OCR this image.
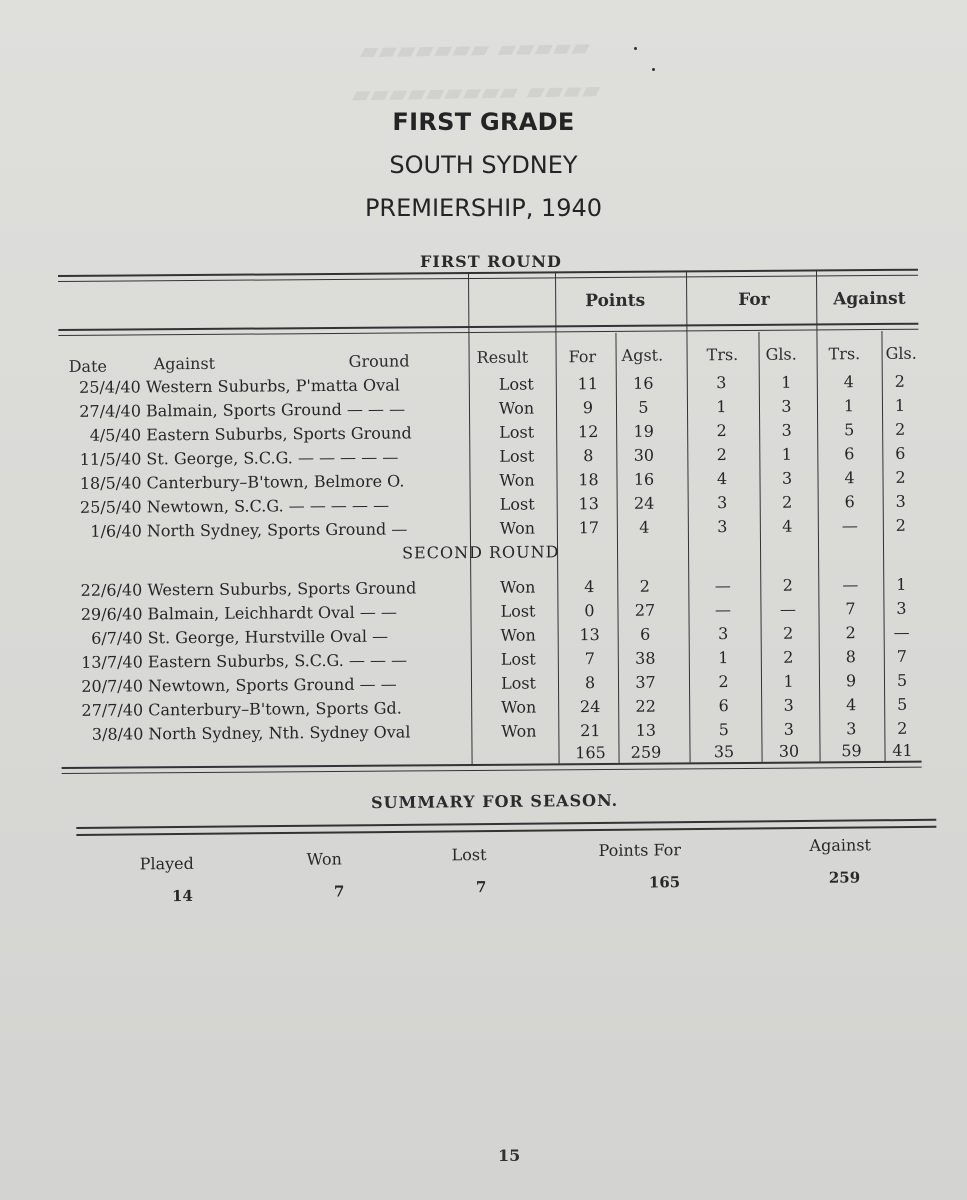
▰▰▰▰▰▰▰ ▰▰▰▰▰
▰▰▰▰▰▰▰▰▰ ▰▰▰▰
FIRST GRADE
SOUTH SYDNEY
PREMIERSHIP, 1940
FIRST ROUND
Points	For	Against
Date	Against	Ground	Result	For Agst.	Trs. Gls. Trs. Gls.
25/4/40 Western Suburbs, P'matta Oval	Lost	11	16	3	1	4	2
27/4/40 Balmain, Sports Ground — — —	Won	9	5	1	3	1	1
4/5/40 Eastern Suburbs, Sports Ground	Lost	12	19	2	3	5	2
11/5/40 St. George, S.C.G. — — — — —	Lost	8	30	2	1	6	6
18/5/40 Canterbury–B'town, Belmore O.	Won	18	16	4	3	4	2
25/5/40 Newtown, S.C.G. — — — — —	Lost	13	24	3	2	6	3
1/6/40 North Sydney, Sports Ground —	Won	17	4	3	4	—	2
SECOND ROUND
22/6/40 Western Suburbs, Sports Ground	Won	4	2	—	2	—	1
29/6/40 Balmain, Leichhardt Oval — —	Lost	0	27	—	—	7	3
6/7/40 St. George, Hurstville Oval —	Won	13	6	3	2	2	—
13/7/40 Eastern Suburbs, S.C.G. — — —	Lost	7	38	1	2	8	7
20/7/40 Newtown, Sports Ground — —	Lost	8	37	2	1	9	5
27/7/40 Canterbury–B'town, Sports Gd.	Won	24	22	6	3	4	5
3/8/40 North Sydney, Nth. Sydney Oval	Won	21	13	5	3	3	2
165	259	35	30	59	41
SUMMARY FOR SEASON.
Played	Won	Lost	Points For	Against
14	7	7	165	259
15
